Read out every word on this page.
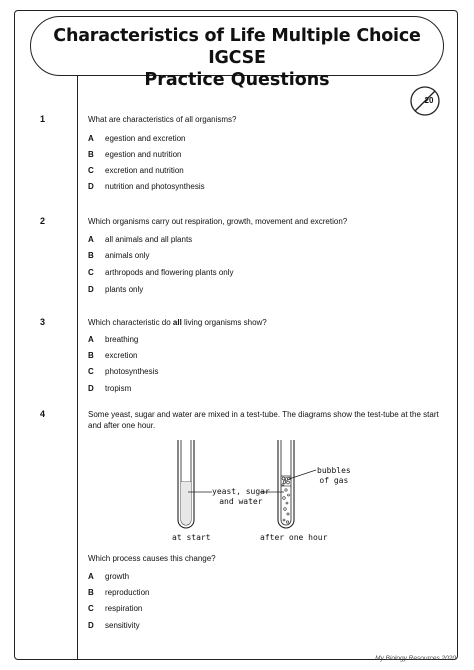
Characteristics of Life Multiple Choice IGCSE
Practice Questions
20
1	What are characteristics of all organisms?
A egestion and excretion
B egestion and nutrition
C excretion and nutrition
D nutrition and photosynthesis
2	Which organisms carry out respiration, growth, movement and excretion?
A all animals and all plants
B animals only
C arthropods and flowering plants only
D plants only
3	Which characteristic do all living organisms show?
A breathing
B excretion
C photosynthesis
D tropism
4	Some yeast, sugar and water are mixed in a test-tube. The diagrams show the test-tube at the start and after one hour.
yeast, sugar
and water
bubbles
of gas
at start	after one hour
Which process causes this change?
A growth
B reproduction
C respiration
D sensitivity
My Biology Resources 2020
